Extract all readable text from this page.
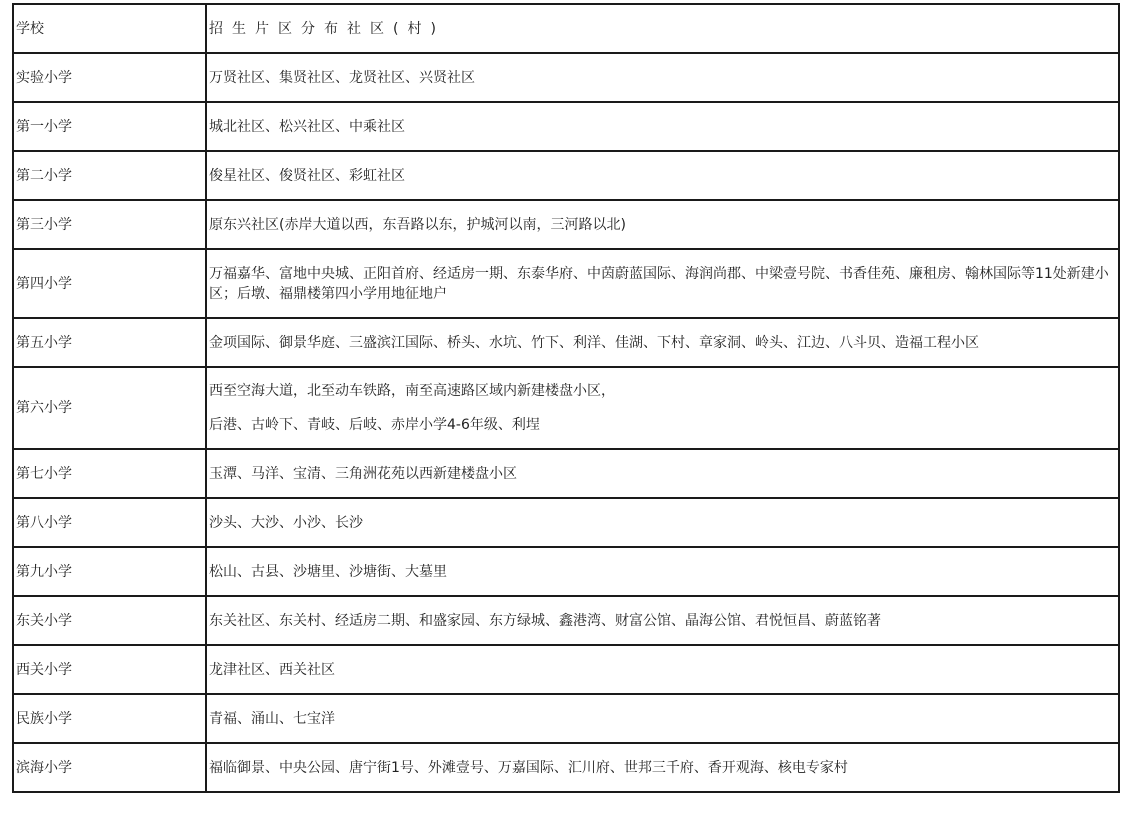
学校	招生片区分布社区(村)
实验小学	万贤社区、集贤社区、龙贤社区、兴贤社区

第一小学	城北社区、松兴社区、中乘社区

第二小学	俊星社区、俊贤社区、彩虹社区

第三小学	原东兴社区(赤岸大道以西，东吾路以东，护城河以南，三河路以北)

第四小学	万福嘉华、富地中央城、正阳首府、经适房一期、东泰华府、中茵蔚蓝国际、海润尚郡、中梁壹号院、书香佳苑、廉租房、翰林国际等11处新建小区；后墩、福鼎楼第四小学用地征地户

第五小学	金项国际、御景华庭、三盛滨江国际、桥头、水坑、竹下、利洋、佳湖、下村、章家洞、岭头、江边、八斗贝、造福工程小区

第六小学	西至空海大道，北至动车铁路，南至高速路区域内新建楼盘小区，
后港、古岭下、青岐、后岐、赤岸小学4-6年级、利埕

第七小学	玉潭、马洋、宝清、三角洲花苑以西新建楼盘小区

第八小学	沙头、大沙、小沙、长沙

第九小学	松山、古县、沙塘里、沙塘街、大墓里

东关小学	东关社区、东关村、经适房二期、和盛家园、东方绿城、鑫港湾、财富公馆、晶海公馆、君悦恒昌、蔚蓝铭著

西关小学	龙津社区、西关社区

民族小学	青福、涌山、七宝洋

滨海小学	福临御景、中央公园、唐宁街1号、外滩壹号、万嘉国际、汇川府、世邦三千府、香开观海、核电专家村
